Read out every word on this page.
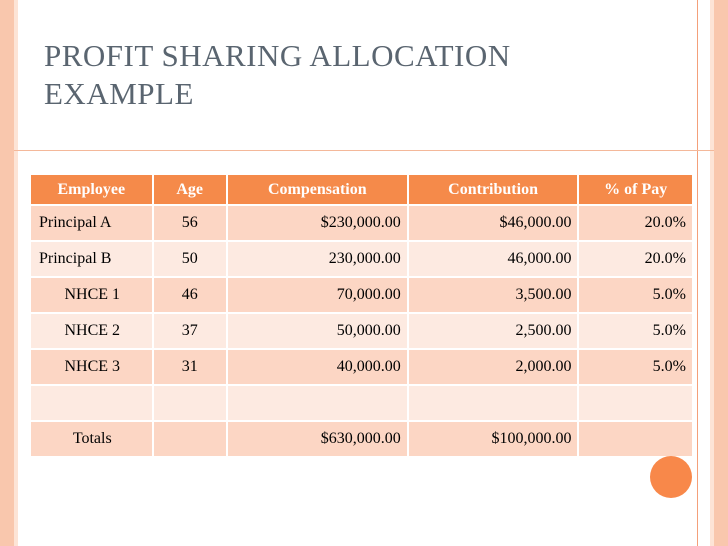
PROFIT SHARING ALLOCATION
EXAMPLE
Employee	Age	Compensation	Contribution	% of Pay
Principal A	56	$230,000.00	$46,000.00	20.0%
Principal B	50	230,000.00	46,000.00	20.0%
NHCE 1	46	70,000.00	3,500.00	5.0%
NHCE 2	37	50,000.00	2,500.00	5.0%
NHCE 3	31	40,000.00	2,000.00	5.0%

Totals		$630,000.00	$100,000.00	
